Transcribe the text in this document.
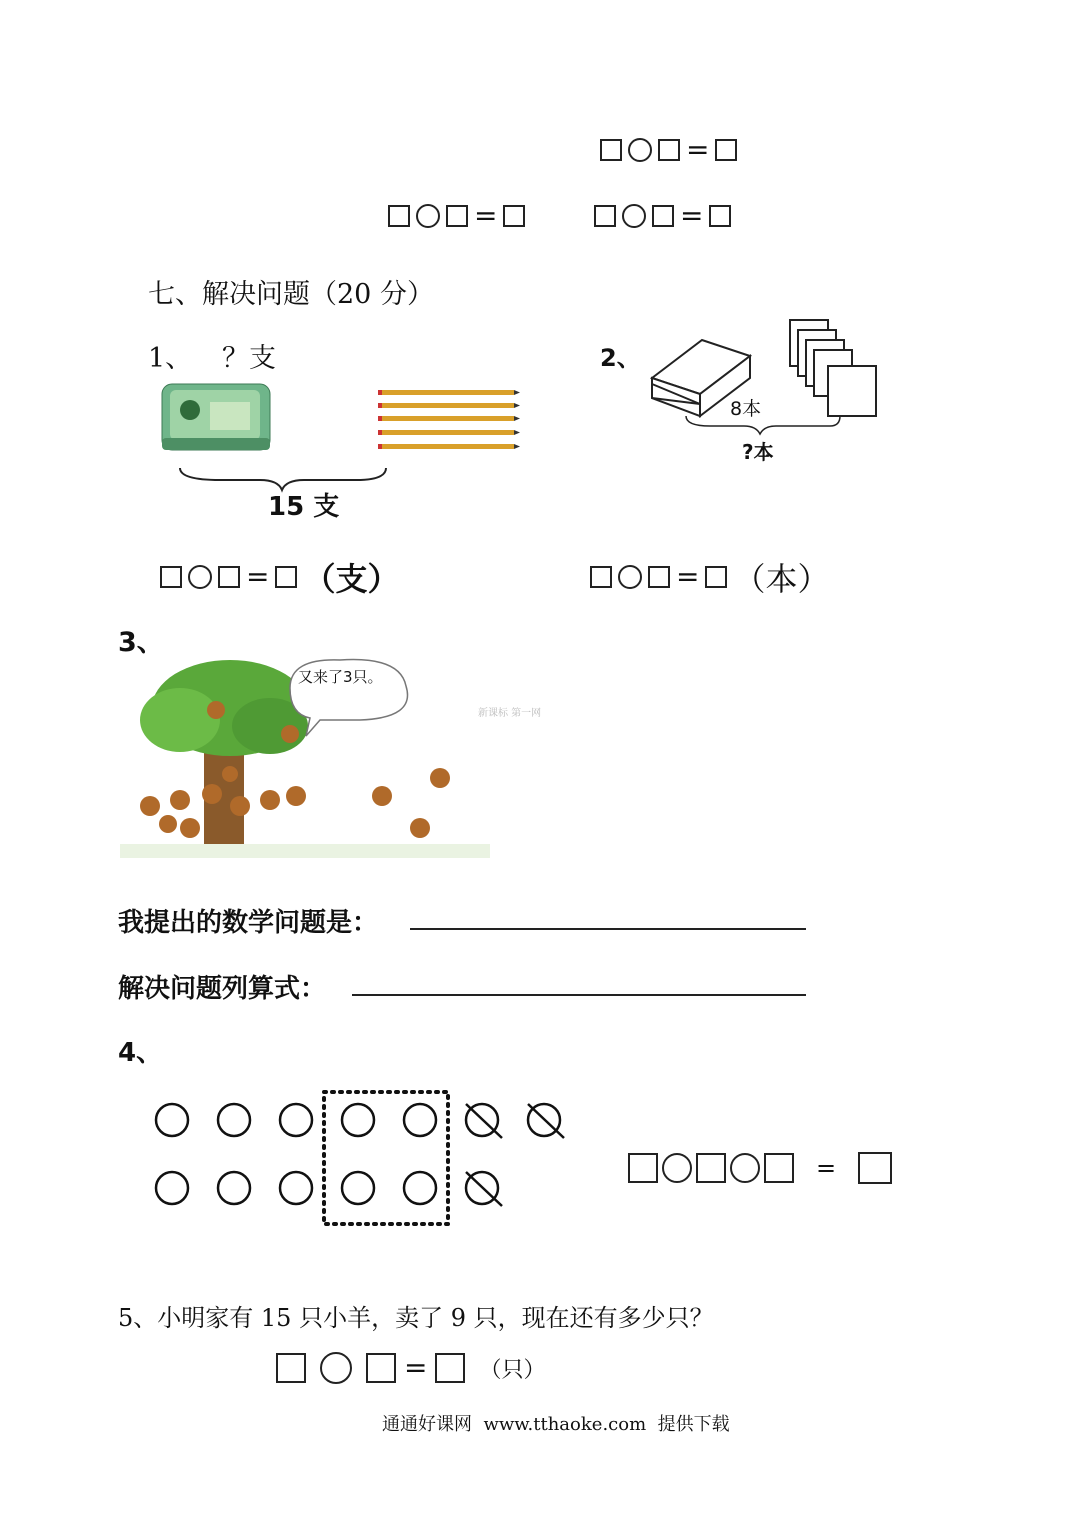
=
=	=
七、解决问题（20 分）
1、 ？支
15 支
= （支）
2、
8本
?本
= （本）
3、
又来了3只。
新课标 第一网
我提出的数学问题是：
解决问题列算式：
4、
=
5、小明家有 15 只小羊，卖了 9 只，现在还有多少只？
= （只）
通通好课网  www.tthaoke.com  提供下载
